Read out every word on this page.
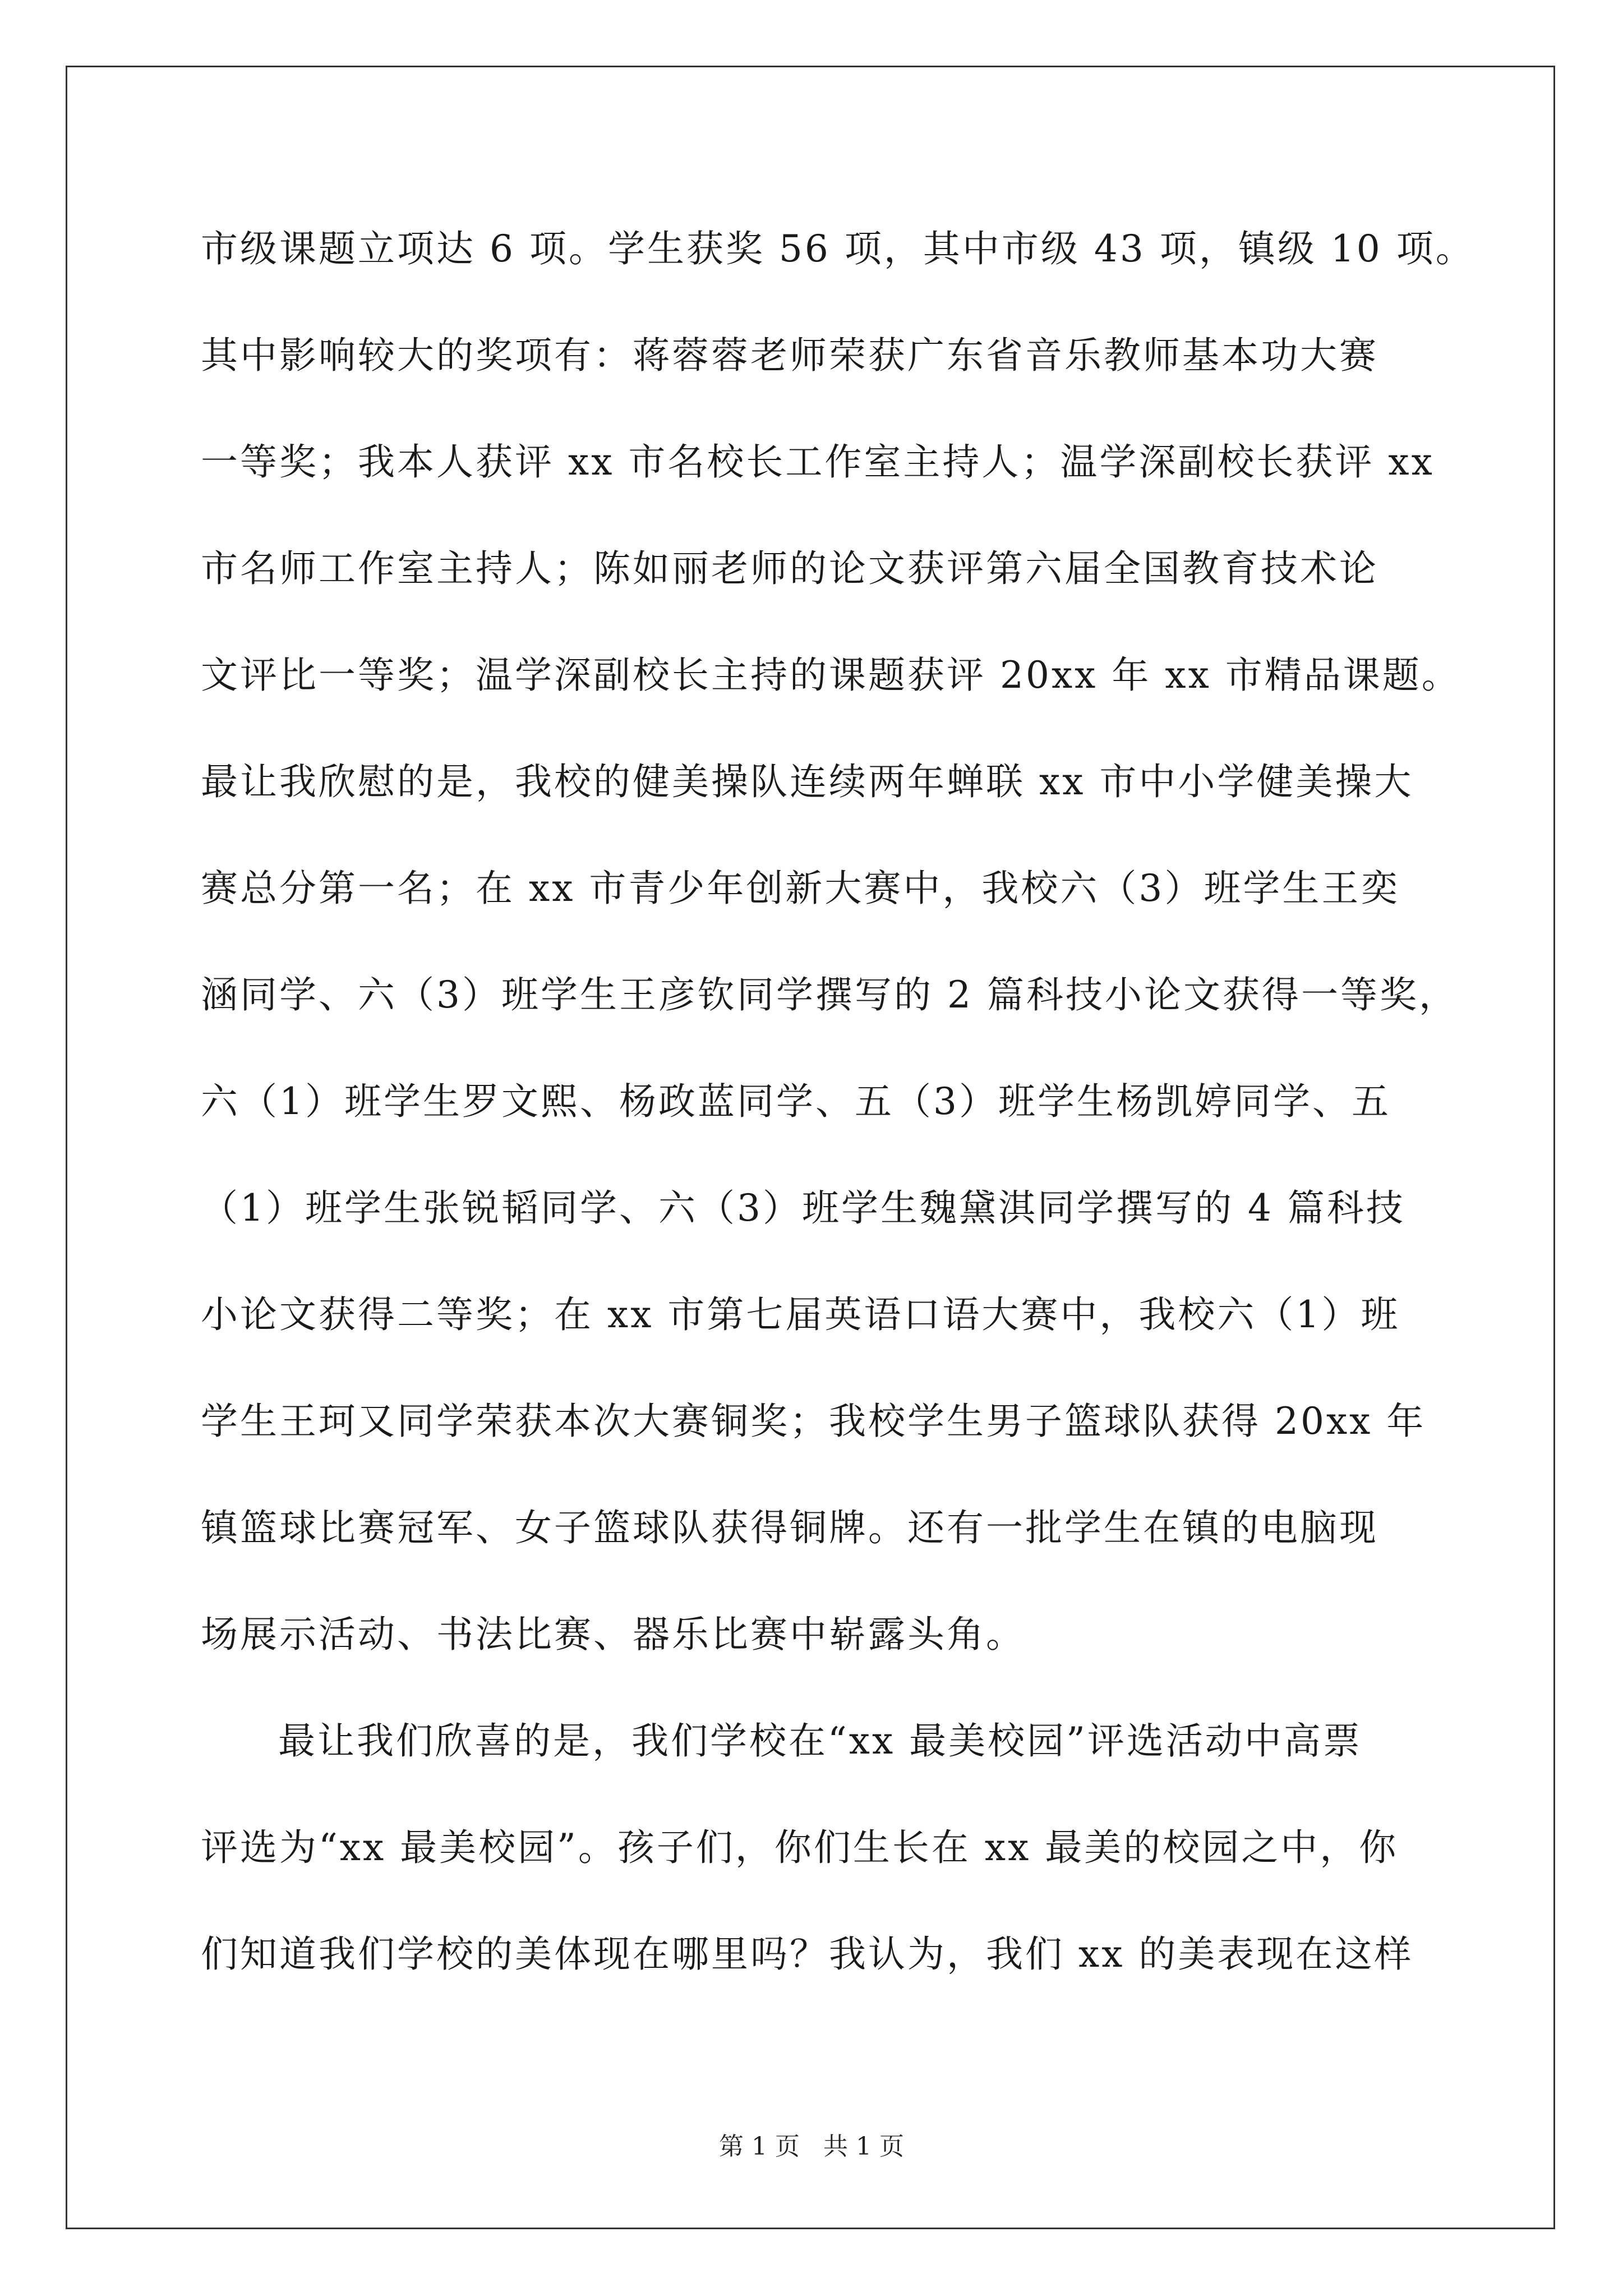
市级课题立项达 6 项。学生获奖 56 项，其中市级 43 项，镇级 10 项。
其中影响较大的奖项有：蒋蓉蓉老师荣获广东省音乐教师基本功大赛
一等奖；我本人获评 xx 市名校长工作室主持人；温学深副校长获评 xx
市名师工作室主持人；陈如丽老师的论文获评第六届全国教育技术论
文评比一等奖；温学深副校长主持的课题获评 20xx 年 xx 市精品课题。
最让我欣慰的是，我校的健美操队连续两年蝉联 xx 市中小学健美操大
赛总分第一名；在 xx 市青少年创新大赛中，我校六（3）班学生王奕
涵同学、六（3）班学生王彦钦同学撰写的 2 篇科技小论文获得一等奖，
六（1）班学生罗文熙、杨政蓝同学、五（3）班学生杨凯婷同学、五
（1）班学生张锐韬同学、六（3）班学生魏黛淇同学撰写的 4 篇科技
小论文获得二等奖；在 xx 市第七届英语口语大赛中，我校六（1）班
学生王珂又同学荣获本次大赛铜奖；我校学生男子篮球队获得 20xx 年
镇篮球比赛冠军、女子篮球队获得铜牌。还有一批学生在镇的电脑现
场展示活动、书法比赛、器乐比赛中崭露头角。
最让我们欣喜的是，我们学校在“xx 最美校园”评选活动中高票
评选为“xx 最美校园”。孩子们，你们生长在 xx 最美的校园之中，你
们知道我们学校的美体现在哪里吗？我认为，我们 xx 的美表现在这样
第 1 页 共 1 页
